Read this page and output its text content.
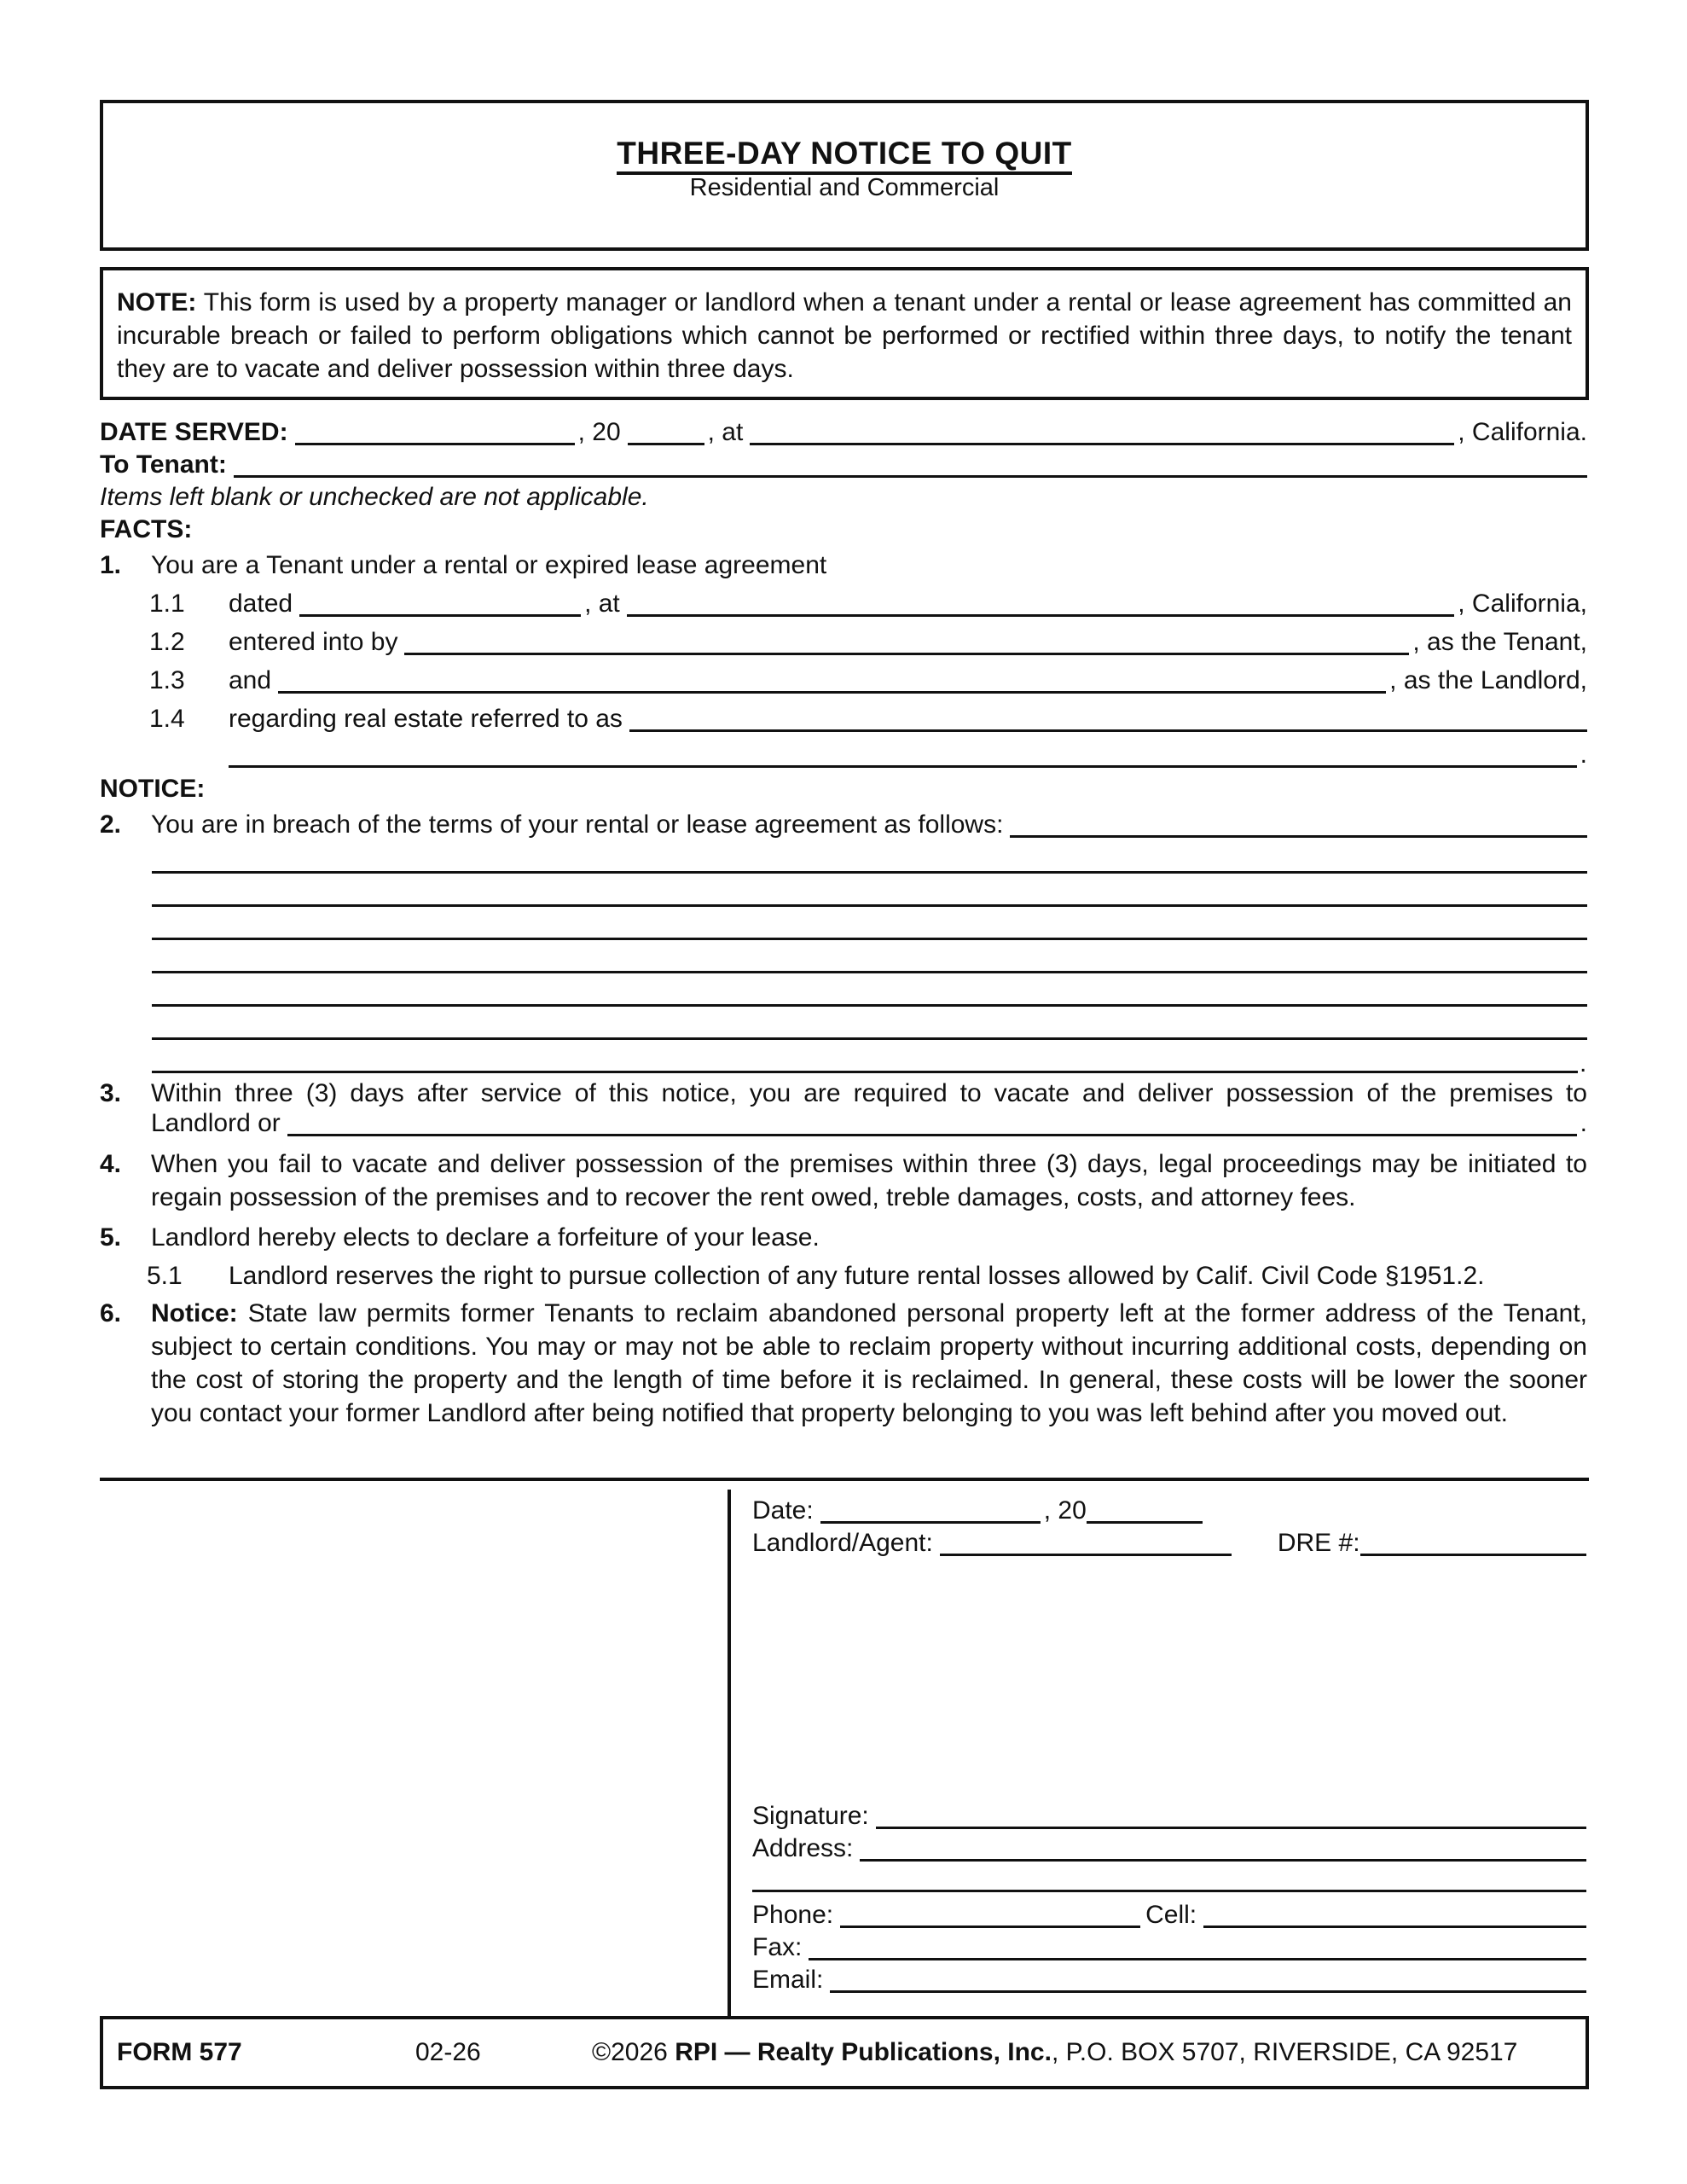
THREE-DAY NOTICE TO QUIT
Residential and Commercial
NOTE: This form is used by a property manager or landlord when a tenant under a rental or lease agreement has committed an incurable breach or failed to perform obligations which cannot be performed or rectified within three days, to notify the tenant they are to vacate and deliver possession within three days.
DATE SERVED:	, 20	, at	, California.
To Tenant:
Items left blank or unchecked are not applicable.
FACTS:
1.	You are a Tenant under a rental or expired lease agreement
1.1	dated	, at	, California,
1.2	entered into by	, as the Tenant,
1.3	and	, as the Landlord,
1.4	regarding real estate referred to as
.
NOTICE:
2.	You are in breach of the terms of your rental or lease agreement as follows:
.
3. Within three (3) days after service of this notice, you are required to vacate and deliver possession of the premises to
Landlord or	.
4. When you fail to vacate and deliver possession of the premises within three (3) days, legal proceedings may be initiated to regain possession of the premises and to recover the rent owed, treble damages, costs, and attorney fees.
5. Landlord hereby elects to declare a forfeiture of your lease.
5.1 Landlord reserves the right to pursue collection of any future rental losses allowed by Calif. Civil Code §1951.2.
6. Notice: State law permits former Tenants to reclaim abandoned personal property left at the former address of the Tenant, subject to certain conditions. You may or may not be able to reclaim property without incurring additional costs, depending on the cost of storing the property and the length of time before it is reclaimed. In general, these costs will be lower the sooner you contact your former Landlord after being notified that property belonging to you was left behind after you moved out.
Date:	, 20
Landlord/Agent:	DRE #:
Signature:
Address:
Phone:	Cell:
Fax:
Email:
FORM 577	02-26	©2026 RPI — Realty Publications, Inc., P.O. BOX 5707, RIVERSIDE, CA 92517
